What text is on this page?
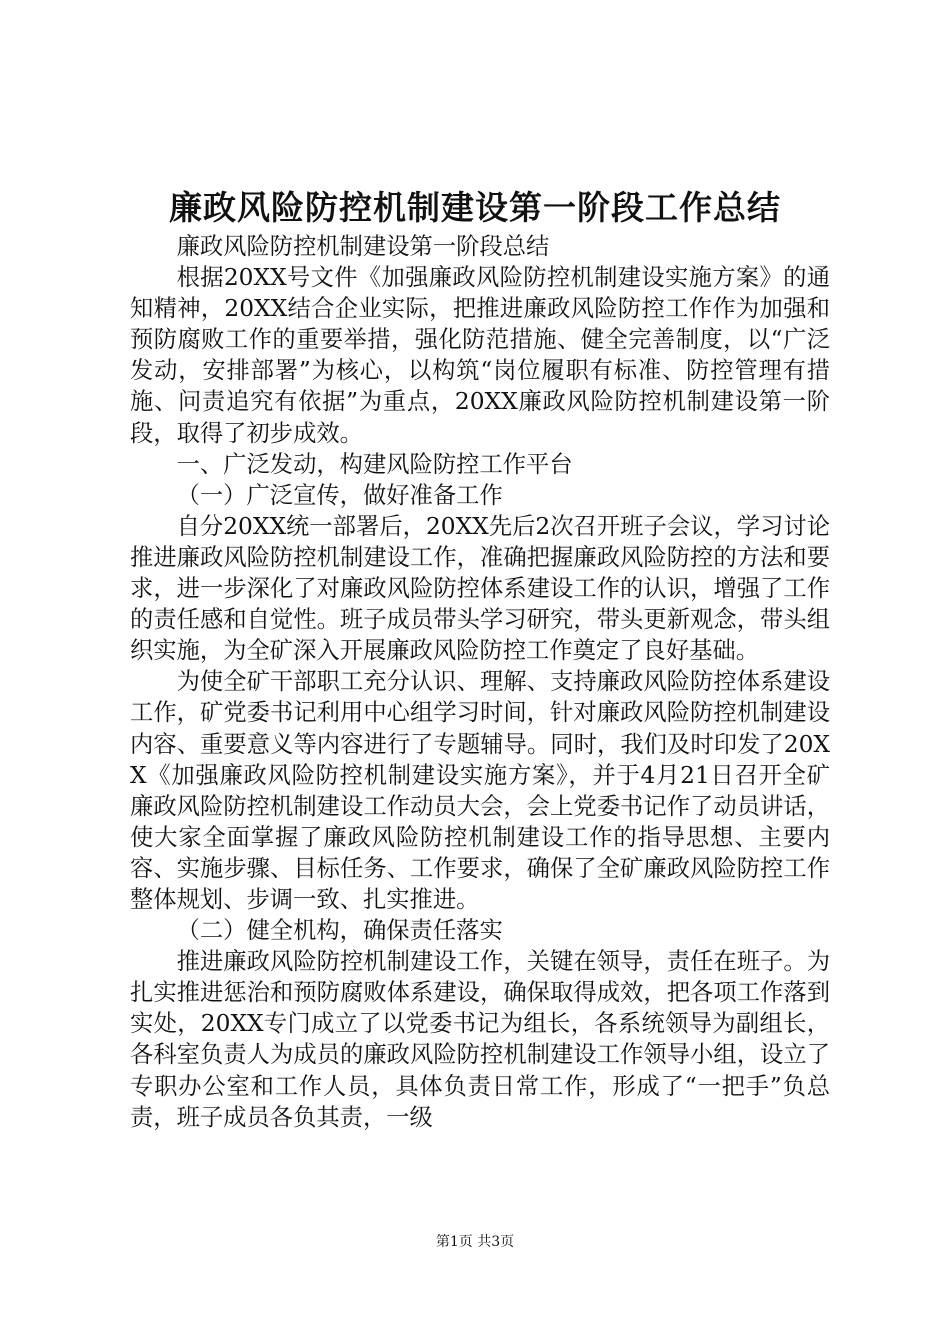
廉政风险防控机制建设第一阶段工作总结

廉政风险防控机制建设第一阶段总结

根据20XX号文件《加强廉政风险防控机制建设实施方案》的通知精神，20XX结合企业实际，把推进廉政风险防控工作作为加强和预防腐败工作的重要举措，强化防范措施、健全完善制度，以“广泛发动，安排部署”为核心，以构筑“岗位履职有标准、防控管理有措施、问责追究有依据”为重点，20XX廉政风险防控机制建设第一阶段，取得了初步成效。

一、广泛发动，构建风险防控工作平台

（一）广泛宣传，做好准备工作

自分20XX统一部署后，20XX先后2次召开班子会议，学习讨论推进廉政风险防控机制建设工作，准确把握廉政风险防控的方法和要求，进一步深化了对廉政风险防控体系建设工作的认识，增强了工作的责任感和自觉性。班子成员带头学习研究，带头更新观念，带头组织实施，为全矿深入开展廉政风险防控工作奠定了良好基础。

为使全矿干部职工充分认识、理解、支持廉政风险防控体系建设工作，矿党委书记利用中心组学习时间，针对廉政风险防控机制建设内容、重要意义等内容进行了专题辅导。同时，我们及时印发了20XX《加强廉政风险防控机制建设实施方案》，并于4月21日召开全矿廉政风险防控机制建设工作动员大会，会上党委书记作了动员讲话，使大家全面掌握了廉政风险防控机制建设工作的指导思想、主要内容、实施步骤、目标任务、工作要求，确保了全矿廉政风险防控工作整体规划、步调一致、扎实推进。

（二）健全机构，确保责任落实

推进廉政风险防控机制建设工作，关键在领导，责任在班子。为扎实推进惩治和预防腐败体系建设，确保取得成效，把各项工作落到实处，20XX专门成立了以党委书记为组长，各系统领导为副组长，各科室负责人为成员的廉政风险防控机制建设工作领导小组，设立了专职办公室和工作人员，具体负责日常工作，形成了“一把手”负总责，班子成员各负其责，一级

第1页 共3页
